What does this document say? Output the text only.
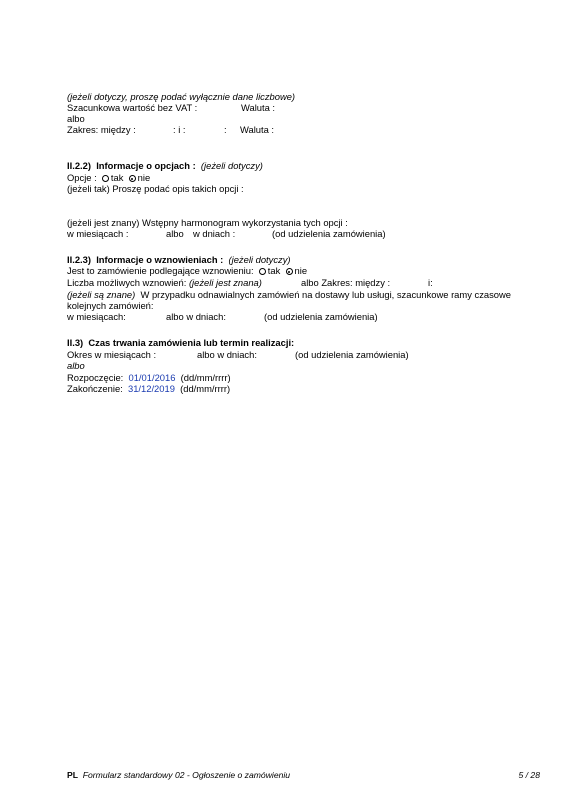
(jeżeli dotyczy, proszę podać wyłącznie dane liczbowe)
Szacunkowa wartość bez VAT :	Waluta :
albo
Zakres: między :	: i :	: Waluta :
II.2.2) Informacje o opcjach : (jeżeli dotyczy)
Opcje : tak nie
(jeżeli tak) Proszę podać opis takich opcji :
(jeżeli jest znany) Wstępny harmonogram wykorzystania tych opcji :
w miesiącach :	albo w dniach :	(od udzielenia zamówienia)
II.2.3) Informacje o wznowieniach : (jeżeli dotyczy)
Jest to zamówienie podlegające wznowieniu: tak nie
Liczba możliwych wznowień: (jeżeli jest znana)	albo Zakres: między :	i:
(jeżeli są znane) W przypadku odnawialnych zamówień na dostawy lub usługi, szacunkowe ramy czasowe
kolejnych zamówień:
w miesiącach:	albo w dniach:	(od udzielenia zamówienia)
II.3) Czas trwania zamówienia lub termin realizacji:
Okres w miesiącach :	albo w dniach:	(od udzielenia zamówienia)
albo
Rozpoczęcie: 01/01/2016 (dd/mm/rrrr)
Zakończenie: 31/12/2019 (dd/mm/rrrr)
PL Formularz standardowy 02 - Ogłoszenie o zamówieniu	5 / 28
